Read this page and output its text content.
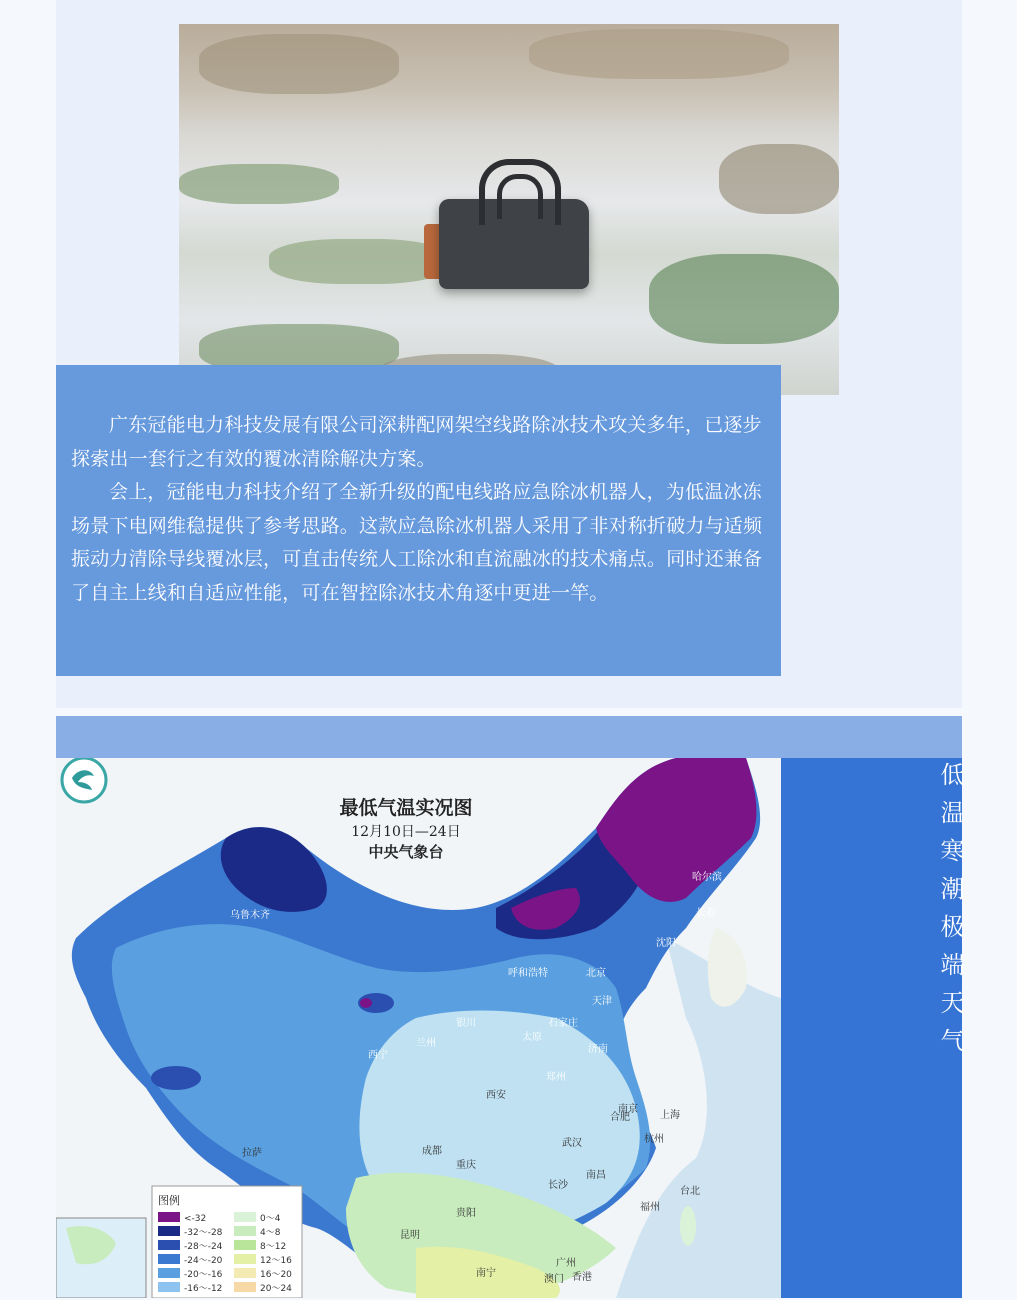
广东冠能电力科技发展有限公司深耕配网架空线路除冰技术攻关多年，已逐步探索出一套行之有效的覆冰清除解决方案。

会上，冠能电力科技介绍了全新升级的配电线路应急除冰机器人，为低温冰冻场景下电网维稳提供了参考思路。这款应急除冰机器人采用了非对称折破力与适频振动力清除导线覆冰层，可直击传统人工除冰和直流融冰的技术痛点。同时还兼备了自主上线和自适应性能，可在智控除冰技术角逐中更进一竿。

最低气温实况图
12月10日—24日
中央气象台
北京
天津
济南
郑州
西安
西宁
拉萨	成都
重庆
武汉
合肥
南京
上海
杭州
长沙
南昌
福州
贵阳
昆明
南宁
广州
澳门 香港
台北
石家庄
呼和浩特
哈尔滨
长春
沈阳
乌鲁木齐
银川
兰州
太原
图例
<-32
-32～-28
-28～-24
-24～-20
-20～-16
-16～-12
0～4
4～8
8～12
12～16
16～20
20～24
低温寒潮极端天气
